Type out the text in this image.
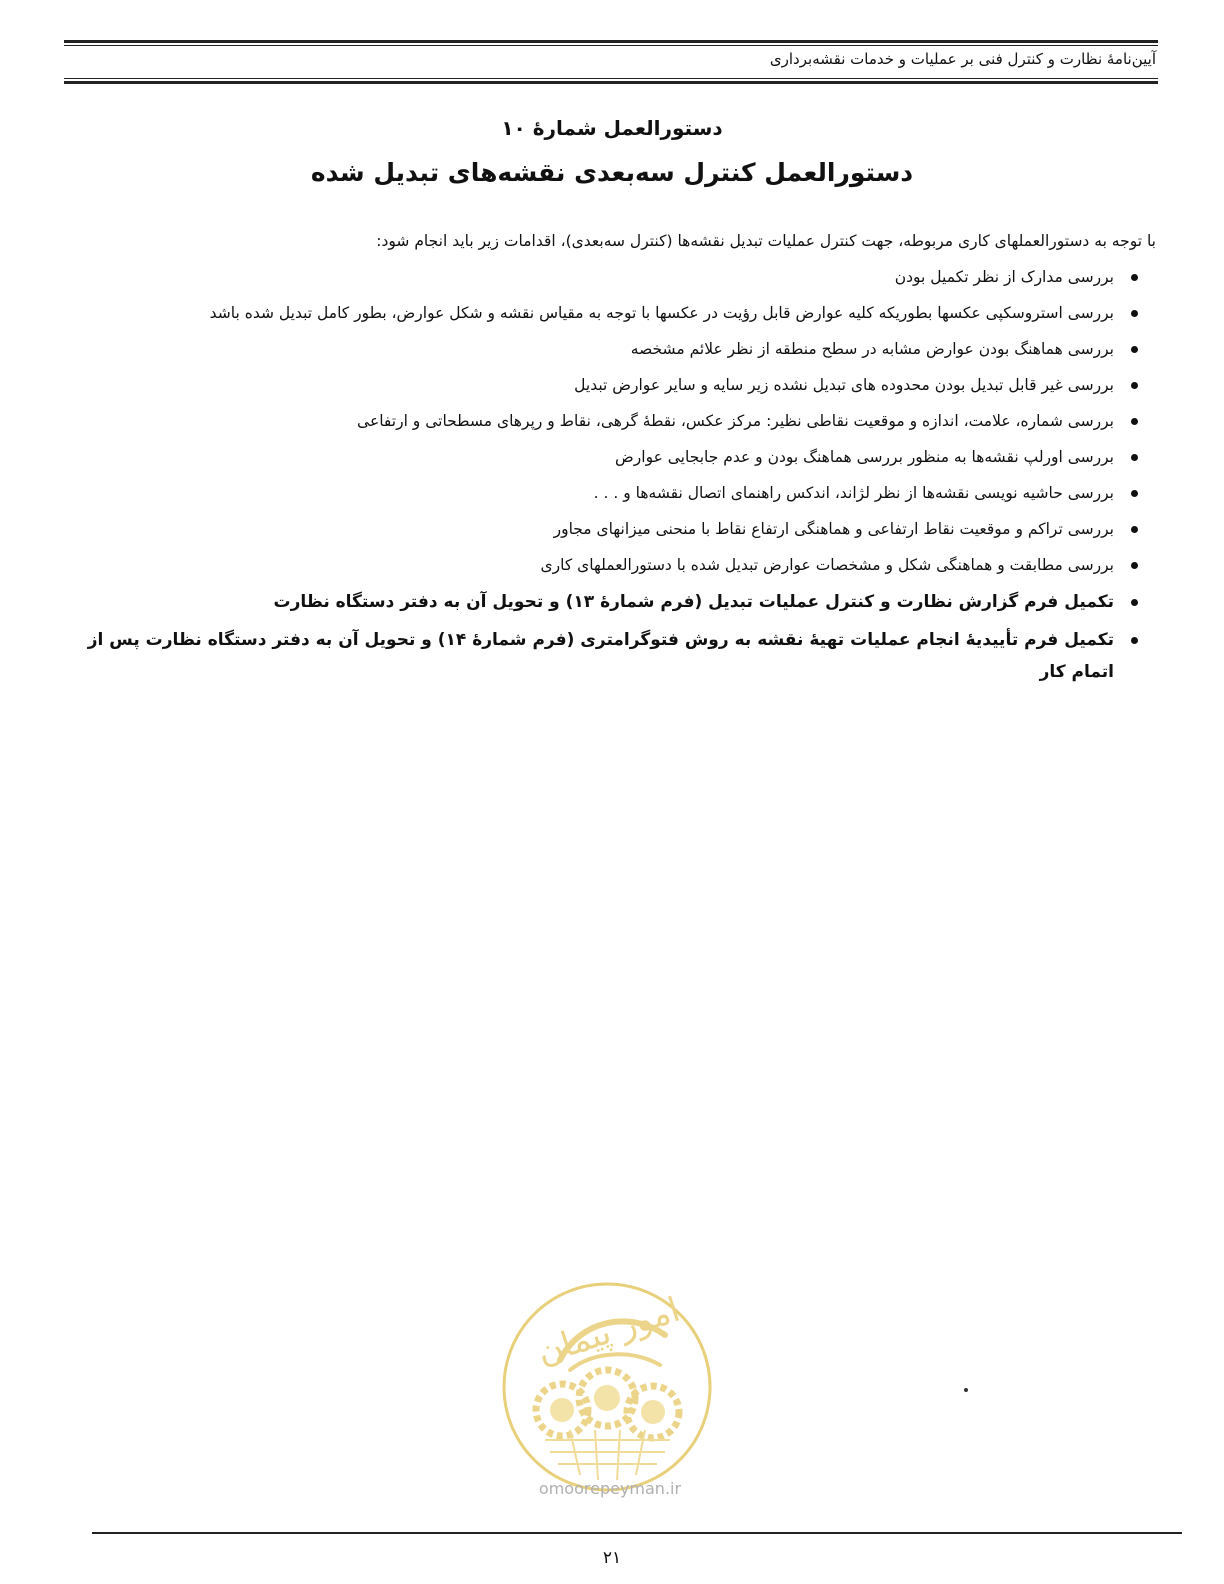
آیین‌نامهٔ نظارت و کنترل فنی بر عملیات و خدمات نقشه‌برداری
دستورالعمل شمارهٔ ۱۰
دستورالعمل کنترل سه‌بعدی نقشه‌های تبدیل شده
با توجه به دستورالعملهای کاری مربوطه، جهت کنترل عملیات تبدیل نقشه‌ها (کنترل سه‌بعدی)، اقدامات زیر باید انجام شود:
بررسی مدارک از نظر تکمیل بودن
بررسی استروسکپی عکسها بطوریکه کلیه عوارض قابل رؤیت در عکسها با توجه به مقیاس نقشه و شکل عوارض، بطور کامل تبدیل شده باشد
بررسی هماهنگ بودن عوارض مشابه در سطح منطقه از نظر علائم مشخصه
بررسی غیر قابل تبدیل بودن محدوده های تبدیل نشده زیر سایه و سایر عوارض تبدیل
بررسی شماره، علامت، اندازه و موقعیت نقاطی نظیر: مرکز عکس، نقطهٔ گرهی، نقاط و رپرهای مسطحاتی و ارتفاعی
بررسی اورلپ نقشه‌ها به منظور بررسی هماهنگ بودن و عدم جابجایی عوارض
بررسی حاشیه نویسی نقشه‌ها از نظر لژاند، اندکس راهنمای اتصال نقشه‌ها و . . .
بررسی تراکم و موقعیت نقاط ارتفاعی و هماهنگی ارتفاع نقاط با منحنی میزانهای مجاور
بررسی مطابقت و هماهنگی شکل و مشخصات عوارض تبدیل شده با دستورالعملهای کاری
تکمیل فرم گزارش نظارت و کنترل عملیات تبدیل (فرم شمارهٔ ۱۳) و تحویل آن به دفتر دستگاه نظارت
تکمیل فرم تأییدیهٔ انجام عملیات تهیهٔ نقشه به روش فتوگرامتری (فرم شمارهٔ ۱۴) و تحویل آن به دفتر دستگاه نظارت پس از اتمام کار
امور پیمان
omoorepeyman.ir
۲۱
